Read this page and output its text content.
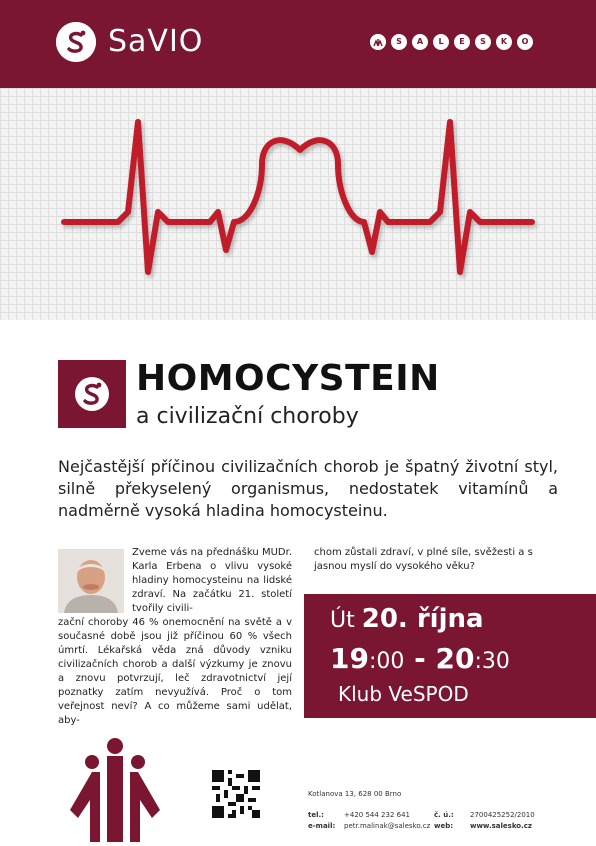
SaVIO	S	A	L	E	S	K	O
HOMOCYSTEIN
a civilizační choroby
Nejčastější příčinou civilizačních chorob je špatný životní styl, silně překyselený organismus, nedostatek vitamínů a nadměrně vysoká hladina homocysteinu.
Zveme vás na přednášku MUDr. Karla Erbena o vlivu vysoké hladiny homocysteinu na lidské zdraví. Na začátku 21. století tvořily civili-
zační choroby 46 % onemocnění na světě a v současné době jsou již příčinou 60 % všech úmrtí. Lékařská věda zná důvody vzniku civilizačních chorob a další výzkumy je znovu a znovu potvrzují, leč zdravotnictví její poznatky zatím nevyužívá. Proč o tom veřejnost neví? A co můžeme sami udělat, aby-
chom zůstali zdraví, v plné síle, svěžesti a s jasnou myslí do vysokého věku?
Út 20. října
19:00 - 20:30
Klub VeSPOD
Kotlanova 13, 628 00 Brno
tel.:	+420 544 232 641	č. ú.: 2700425252/2010
e-mail: petr.malinak@salesko.cz web: www.salesko.cz
